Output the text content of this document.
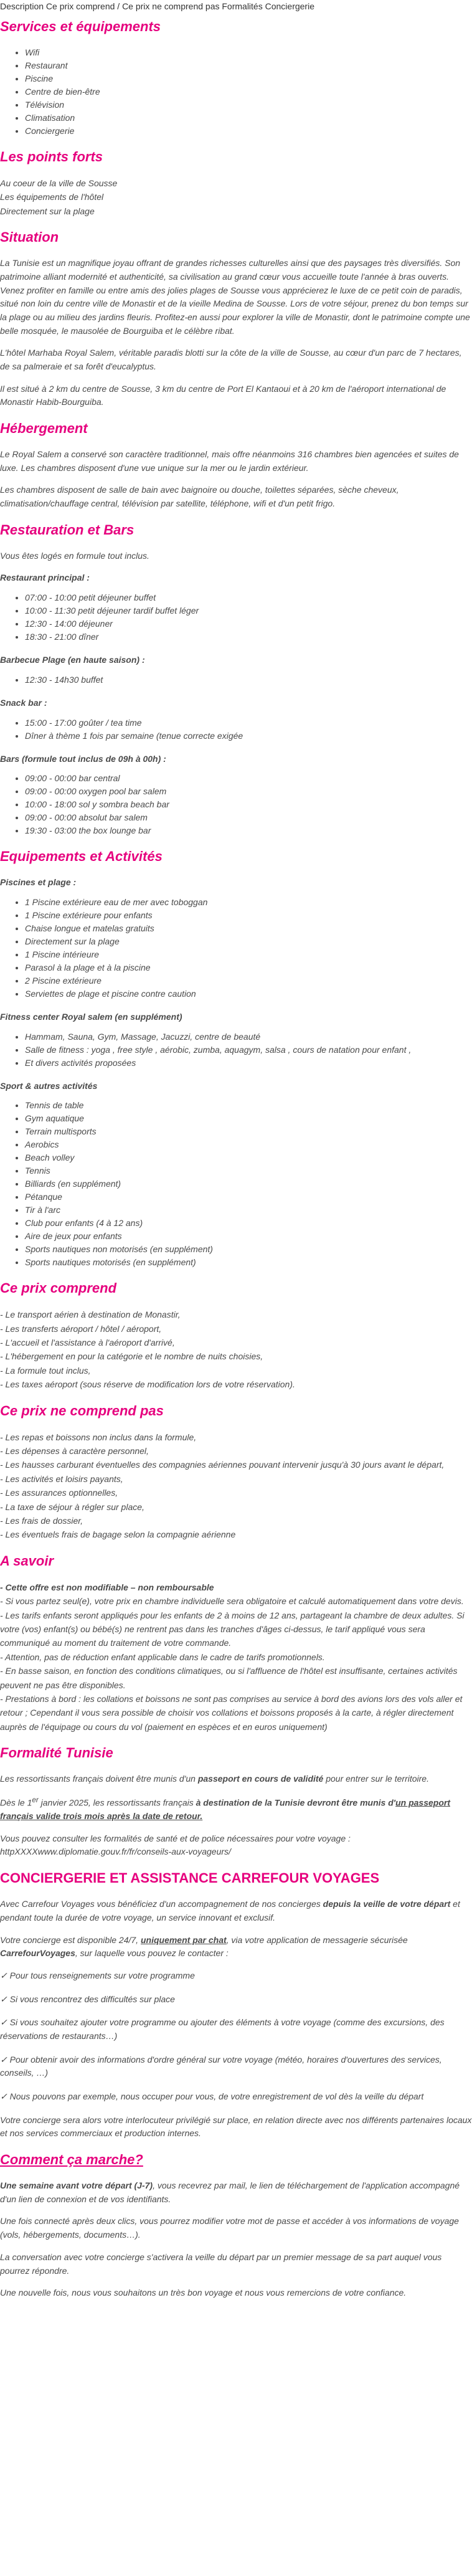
Description Ce prix comprend / Ce prix ne comprend pas Formalités Conciergerie
Services et équipements
• Wifi
• Restaurant
• Piscine
• Centre de bien-être
• Télévision
• Climatisation
• Conciergerie
Les points forts

Au coeur de la ville de Sousse

Les équipements de l'hôtel

Directement sur la plage

Situation

La Tunisie est un magnifique joyau offrant de grandes richesses culturelles ainsi que des paysages très diversifiés. Son patrimoine alliant modernité et authenticité, sa civilisation au grand cœur vous accueille toute l'année à bras ouverts. Venez profiter en famille ou entre amis des jolies plages de Sousse vous apprécierez le luxe de ce petit coin de paradis, situé non loin du centre ville de Monastir et de la vieille Medina de Sousse. Lors de votre séjour, prenez du bon temps sur la plage ou au milieu des jardins fleuris. Profitez-en aussi pour explorer la ville de Monastir, dont le patrimoine compte une belle mosquée, le mausolée de Bourguiba et le célèbre ribat.

L'hôtel Marhaba Royal Salem, véritable paradis blotti sur la côte de la ville de Sousse, au cœur d'un parc de 7 hectares, de sa palmeraie et sa forêt d'eucalyptus.

Il est situé à 2 km du centre de Sousse, 3 km du centre de Port El Kantaoui et à 20 km de l'aéroport international de Monastir Habib-Bourguiba.

Hébergement

Le Royal Salem a conservé son caractère traditionnel, mais offre néanmoins 316 chambres bien agencées et suites de luxe. Les chambres disposent d'une vue unique sur la mer ou le jardin extérieur.

Les chambres disposent de salle de bain avec baignoire ou douche, toilettes séparées, sèche cheveux, climatisation/chauffage central, télévision par satellite, téléphone, wifi et d'un petit frigo.

Restauration et Bars

Vous êtes logés en formule tout inclus.

Restaurant principal :

• 07:00 - 10:00 petit déjeuner buffet
• 10:00 - 11:30 petit déjeuner tardif buffet léger
• 12:30 - 14:00 déjeuner
• 18:30 - 21:00 dîner

Barbecue Plage (en haute saison) :

• 12:30 - 14h30 buffet

Snack bar :

• 15:00 - 17:00 goûter / tea time
• Dîner à thème 1 fois par semaine (tenue correcte exigée

Bars (formule tout inclus de 09h à 00h) :

• 09:00 - 00:00 bar central
• 09:00 - 00:00 oxygen pool bar salem
• 10:00 - 18:00 sol y sombra beach bar
• 09:00 - 00:00 absolut bar salem
• 19:30 - 03:00 the box lounge bar
Equipements et Activités

Piscines et plage :

• 1 Piscine extérieure eau de mer avec toboggan
• 1 Piscine extérieure pour enfants
• Chaise longue et matelas gratuits
• Directement sur la plage
• 1 Piscine intérieure
• Parasol à la plage et à la piscine
• 2 Piscine extérieure
• Serviettes de plage et piscine contre caution

Fitness center Royal salem (en supplément)

• Hammam, Sauna, Gym, Massage, Jacuzzi, centre de beauté
• Salle de fitness : yoga , free style , aérobic, zumba, aquagym, salsa , cours de natation pour enfant ,
• Et divers activités proposées

Sport & autres activités

• Tennis de table
• Gym aquatique
• Terrain multisports
• Aerobics
• Beach volley
• Tennis
• Billiards (en supplément)
• Pétanque
• Tir à l'arc
• Club pour enfants (4 à 12 ans)
• Aire de jeux pour enfants
• Sports nautiques non motorisés (en supplément)
• Sports nautiques motorisés (en supplément)
Ce prix comprend

- Le transport aérien à destination de Monastir,

- Les transferts aéroport / hôtel / aéroport,

- L'accueil et l'assistance à l'aéroport d'arrivé,

- L'hébergement en pour la catégorie et le nombre de nuits choisies,

- La formule tout inclus,

- Les taxes aéroport (sous réserve de modification lors de votre réservation).

Ce prix ne comprend pas

- Les repas et boissons non inclus dans la formule,

- Les dépenses à caractère personnel,

- Les hausses carburant éventuelles des compagnies aériennes pouvant intervenir jusqu'à 30 jours avant le départ,

- Les activités et loisirs payants,

- Les assurances optionnelles,

- La taxe de séjour à régler sur place,

- Les frais de dossier,

- Les éventuels frais de bagage selon la compagnie aérienne

A savoir

- Cette offre est non modifiable – non remboursable

- Si vous partez seul(e), votre prix en chambre individuelle sera obligatoire et calculé automatiquement dans votre devis.

- Les tarifs enfants seront appliqués pour les enfants de 2 à moins de 12 ans, partageant la chambre de deux adultes. Si votre (vos) enfant(s) ou bébé(s) ne rentrent pas dans les tranches d'âges ci-dessus, le tarif appliqué vous sera communiqué au moment du traitement de votre commande.

- Attention, pas de réduction enfant applicable dans le cadre de tarifs promotionnels.

- En basse saison, en fonction des conditions climatiques, ou si l'affluence de l'hôtel est insuffisante, certaines activités peuvent ne pas être disponibles.

- Prestations à bord : les collations et boissons ne sont pas comprises au service à bord des avions lors des vols aller et retour ; Cependant il vous sera possible de choisir vos collations et boissons proposés à la carte, à régler directement auprès de l'équipage ou cours du vol (paiement en espèces et en euros uniquement)

Formalité Tunisie

Les ressortissants français doivent être munis d'un passeport en cours de validité pour entrer sur le territoire.

Dès le 1er janvier 2025, les ressortissants français à destination de la Tunisie devront être munis d'un passeport français valide trois mois après la date de retour.

Vous pouvez consulter les formalités de santé et de police nécessaires pour votre voyage :
httpXXXXwww.diplomatie.gouv.fr/fr/conseils-aux-voyageurs/

CONCIERGERIE ET ASSISTANCE CARREFOUR VOYAGES

Avec Carrefour Voyages vous bénéficiez d'un accompagnement de nos concierges depuis la veille de votre départ et pendant toute la durée de votre voyage, un service innovant et exclusif.

Votre concierge est disponible 24/7, uniquement par chat, via votre application de messagerie sécurisée CarrefourVoyages, sur laquelle vous pouvez le contacter :

✓ Pour tous renseignements sur votre programme

✓ Si vous rencontrez des difficultés sur place

✓ Si vous souhaitez ajouter votre programme ou ajouter des éléments à votre voyage (comme des excursions, des réservations de restaurants…)

✓ Pour obtenir avoir des informations d'ordre général sur votre voyage (météo, horaires d'ouvertures des services, conseils, …)

✓ Nous pouvons par exemple, nous occuper pour vous, de votre enregistrement de vol dès la veille du départ

Votre concierge sera alors votre interlocuteur privilégié sur place, en relation directe avec nos différents partenaires locaux et nos services commerciaux et production internes.

Comment ça marche?

Une semaine avant votre départ (J-7), vous recevrez par mail, le lien de téléchargement de l'application accompagné d'un lien de connexion et de vos identifiants.

Une fois connecté après deux clics, vous pourrez modifier votre mot de passe et accéder à vos informations de voyage (vols, hébergements, documents…).

La conversation avec votre concierge s'activera la veille du départ par un premier message de sa part auquel vous pourrez répondre.

Une nouvelle fois, nous vous souhaitons un très bon voyage et nous vous remercions de votre confiance.
